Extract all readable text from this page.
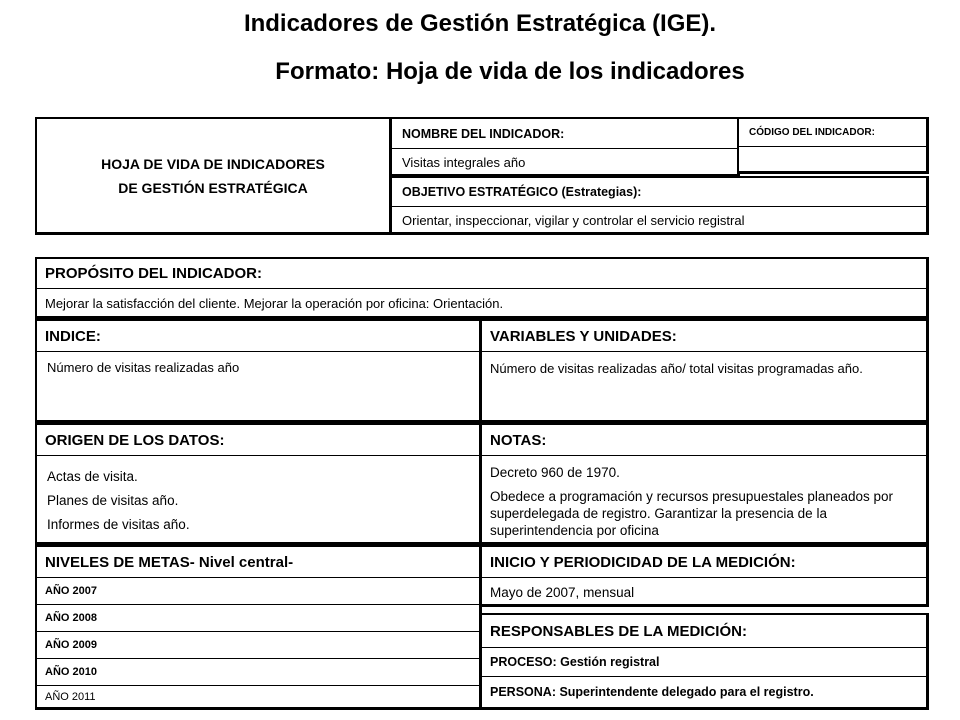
Indicadores de Gestión Estratégica (IGE).
Formato: Hoja de vida de los indicadores
HOJA DE VIDA DE INDICADORES
DE GESTIÓN ESTRATÉGICA
NOMBRE DEL INDICADOR:
Visitas integrales año
CÓDIGO DEL INDICADOR:
OBJETIVO ESTRATÉGICO (Estrategias):
Orientar, inspeccionar, vigilar y controlar el servicio registral
PROPÓSITO DEL INDICADOR:
Mejorar la satisfacción del cliente. Mejorar la operación por oficina: Orientación.
INDICE:
Número de visitas realizadas año
VARIABLES Y UNIDADES:
Número de visitas realizadas año/ total visitas programadas año.
ORIGEN DE LOS DATOS:
Actas de visita.
Planes de visitas año.
Informes de visitas año.
NOTAS:
Decreto 960 de 1970.
Obedece a programación y recursos presupuestales planeados por superdelegada de registro. Garantizar la presencia de la superintendencia por oficina
NIVELES DE METAS- Nivel central-
AÑO 2007
AÑO 2008
AÑO 2009
AÑO 2010
AÑO 2011
INICIO Y PERIODICIDAD DE LA MEDICIÓN:
Mayo de 2007, mensual
RESPONSABLES DE LA MEDICIÓN:
PROCESO: Gestión registral
PERSONA: Superintendente delegado para el registro.
